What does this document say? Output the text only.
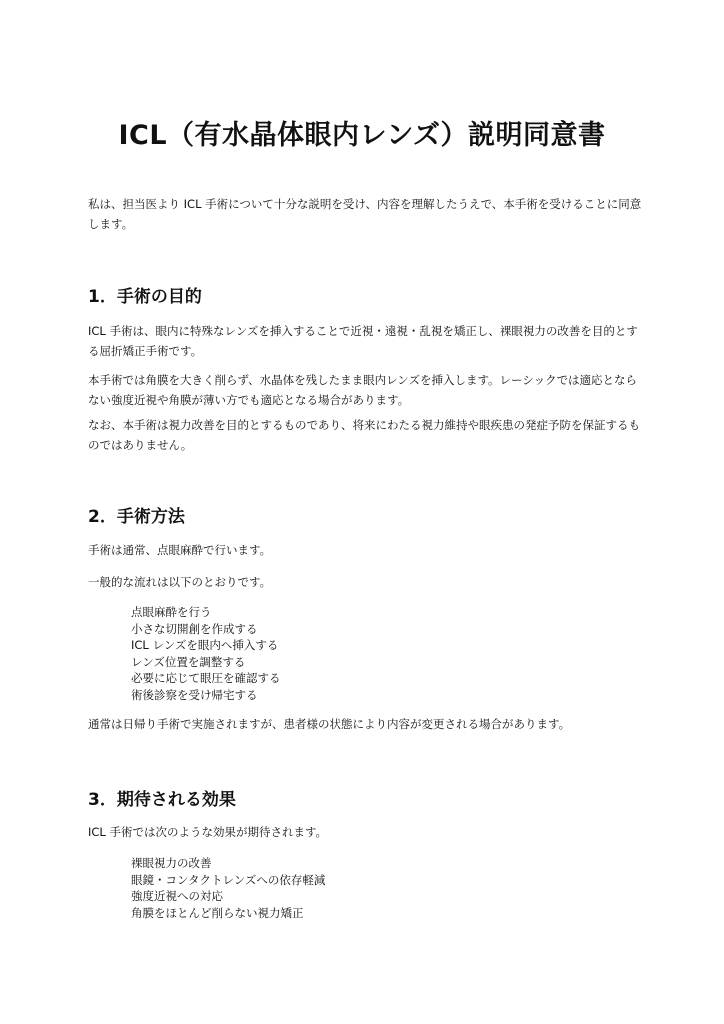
ICL（有水晶体眼内レンズ）説明同意書

私は、担当医より ICL 手術について十分な説明を受け、内容を理解したうえで、本手術を受けることに同意します。

1．手術の目的

ICL 手術は、眼内に特殊なレンズを挿入することで近視・遠視・乱視を矯正し、裸眼視力の改善を目的とする屈折矯正手術です。

本手術では角膜を大きく削らず、水晶体を残したまま眼内レンズを挿入します。レーシックでは適応とならない強度近視や角膜が薄い方でも適応となる場合があります。

なお、本手術は視力改善を目的とするものであり、将来にわたる視力維持や眼疾患の発症予防を保証するものではありません。

2．手術方法

手術は通常、点眼麻酔で行います。

一般的な流れは以下のとおりです。

点眼麻酔を行う
小さな切開創を作成する
ICL レンズを眼内へ挿入する
レンズ位置を調整する
必要に応じて眼圧を確認する
術後診察を受け帰宅する

通常は日帰り手術で実施されますが、患者様の状態により内容が変更される場合があります。

3．期待される効果

ICL 手術では次のような効果が期待されます。

裸眼視力の改善
眼鏡・コンタクトレンズへの依存軽減
強度近視への対応
角膜をほとんど削らない視力矯正
